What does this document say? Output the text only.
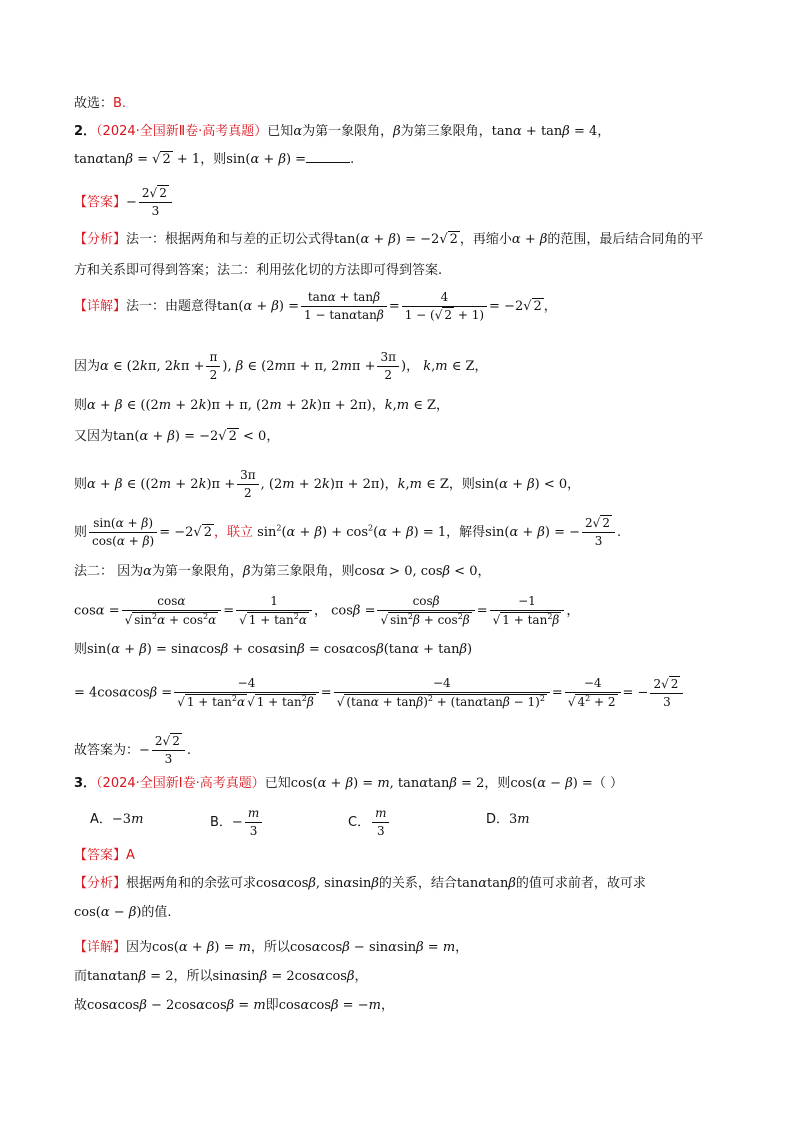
故选：B.
2．（2024·全国新Ⅱ卷·高考真题）已知α为第一象限角，β为第三象限角，tanα + tanβ = 4，
tanαtanβ = √ 2 + 1，则sin(α + β) =	.
【答案】− $\frac{2√ 2}{3}$
【分析】法一：根据两角和与差的正切公式得tan(α + β) = −2√ 2 ，再缩小α + β的范围，最后结合同角的平
方和关系即可得到答案；法二：利用弦化切的方法即可得到答案.
【详解】法一：由题意得$\tan(\alpha + \beta) = \frac{\tan\alpha + \tan\beta}{1 - \tan\alpha\tan\beta} = \frac{4}{1 - (√ 2 + 1)} = -2√$ 2 ，
因为α ∈ (2kπ, $2k\pi + \frac{\pi}{2}$ ), β ∈ (2mπ + π, $2m\pi + \frac{3\pi}{2}$ )， k,m ∈ Z，
则α + β ∈ ((2m + 2k)π + π, (2m + 2k)π + 2π)，k,m ∈ Z，
又因为tan(α + β) = −2√ 2 < 0，
则α + β ∈ ($(2m + 2k)\pi + \frac{3\pi}{2}$ , (2m + 2k)π + 2π)，k,m ∈ Z，则sin(α + β) < 0，
则 $\frac{\sin(\alpha + \beta)}{\cos(\alpha + \beta)} = -2√$ 2 ，联立 $\sin^2(\alpha + \beta) + \cos^2(\alpha + \beta) = 1$，解得sin(α + β) = − $\frac{2√ 2}{3}$ .
法二： 因为α为第一象限角，β为第三象限角，则cosα > 0, cosβ < 0，
$\cos\alpha = \frac{\cos\alpha}{√ \sin^2\alpha + \cos^2\alpha} = \frac{1}{√ 1 + \tan^2\alpha}$ ， $\cos\beta = \frac{\cos\beta}{√ \sin^2\beta + \cos^2\beta} = \frac{-1}{√ 1 + \tan^2\beta}$ ，
则sin(α + β) = sinαcosβ + cosαsinβ = cosαcosβ(tanα + tanβ)
= $4\cos\alpha\cos\beta = \frac{-4}{√ 1 + \tan^2\alpha √ 1 + \tan^2\beta} = \frac{-4}{√ (\tan\alpha + \tan\beta)^2 + (\tan\alpha\tan\beta - 1)^2} = \frac{-4}{√ 4^2 + 2}$ = − $\frac{2√ 2}{3}$
故答案为：− $\frac{2√ 2}{3}$ .
3．（2024·全国新Ⅰ卷·高考真题）已知cos(α + β) = m, tanαtanβ = 2，则cos(α − β) =（ ）
A．−3m	B．− $\frac{m}{3}$	C． $\frac{m}{3}$	D．3m
【答案】A
【分析】根据两角和的余弦可求cosαcosβ, sinαsinβ的关系，结合tanαtanβ的值可求前者，故可求
cos(α − β)的值.
【详解】因为cos(α + β) = m，所以cosαcosβ − sinαsinβ = m，
而tanαtanβ = 2，所以sinαsinβ = 2cosαcosβ，
故cosαcosβ − 2cosαcosβ = m即cosαcosβ = −m，
